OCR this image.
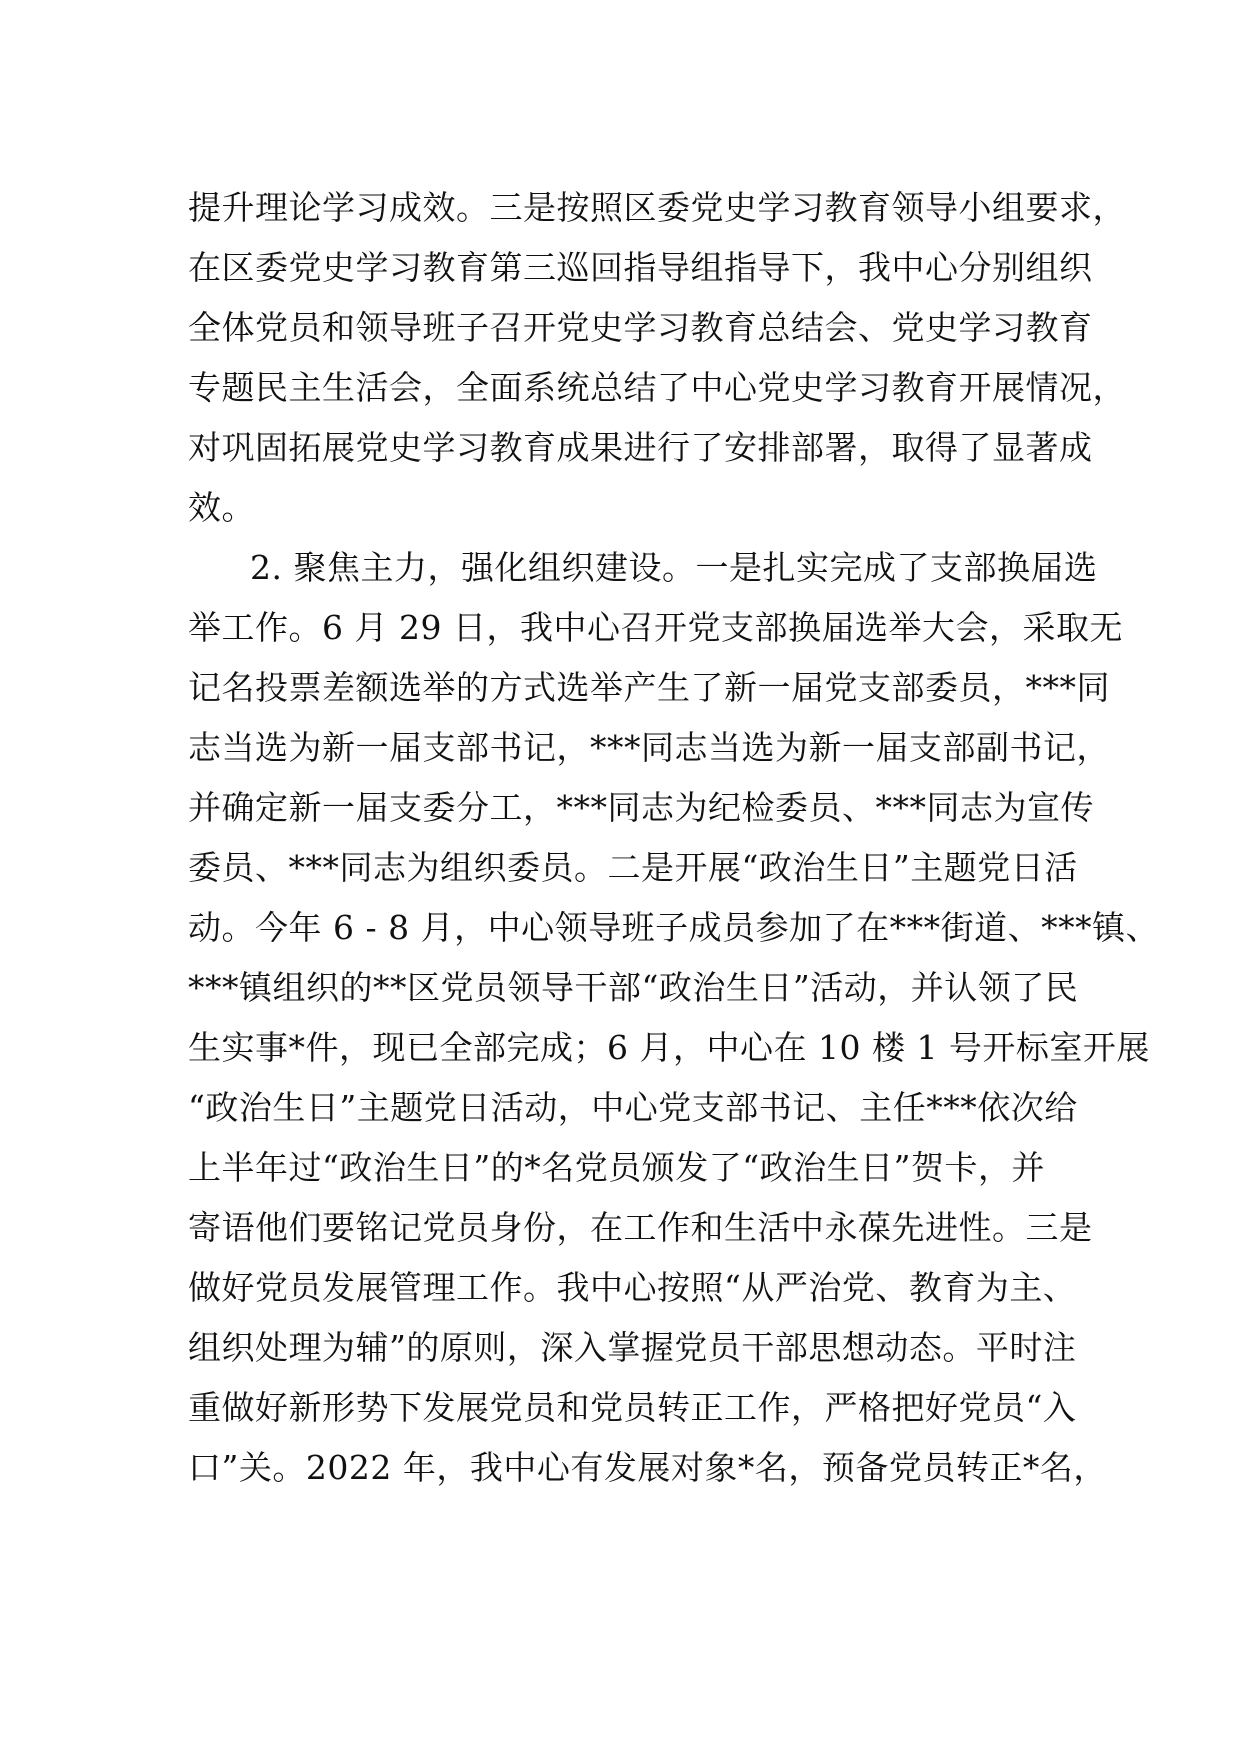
提升理论学习成效。三是按照区委党史学习教育领导小组要求，
在区委党史学习教育第三巡回指导组指导下，我中心分别组织
全体党员和领导班子召开党史学习教育总结会、党史学习教育
专题民主生活会，全面系统总结了中心党史学习教育开展情况，
对巩固拓展党史学习教育成果进行了安排部署，取得了显著成
效。
2. 聚焦主力，强化组织建设。一是扎实完成了支部换届选
举工作。6 月 29 日，我中心召开党支部换届选举大会，采取无
记名投票差额选举的方式选举产生了新一届党支部委员，***同
志当选为新一届支部书记，***同志当选为新一届支部副书记，
并确定新一届支委分工，***同志为纪检委员、***同志为宣传
委员、***同志为组织委员。二是开展“政治生日”主题党日活
动。今年 6 - 8 月，中心领导班子成员参加了在***街道、***镇、
***镇组织的**区党员领导干部“政治生日”活动，并认领了民
生实事*件，现已全部完成；6 月，中心在 10 楼 1 号开标室开展
“政治生日”主题党日活动，中心党支部书记、主任***依次给
上半年过“政治生日”的*名党员颁发了“政治生日”贺卡，并
寄语他们要铭记党员身份，在工作和生活中永葆先进性。三是
做好党员发展管理工作。我中心按照“从严治党、教育为主、
组织处理为辅”的原则，深入掌握党员干部思想动态。平时注
重做好新形势下发展党员和党员转正工作，严格把好党员“入
口”关。2022 年，我中心有发展对象*名，预备党员转正*名，
